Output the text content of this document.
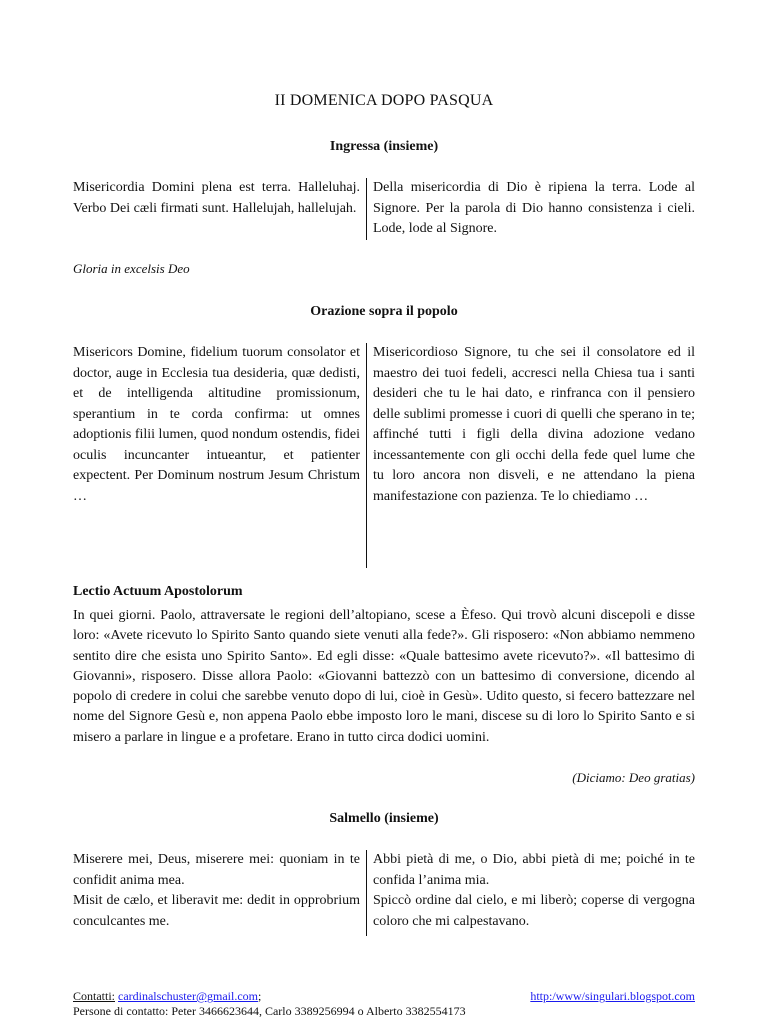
II DOMENICA DOPO PASQUA
Ingressa (insieme)
Misericordia Domini plena est terra. Halleluhaj. Verbo Dei cæli firmati sunt. Hallelujah, hallelujah.
Della misericordia di Dio è ripiena la terra. Lode al Signore. Per la parola di Dio hanno consistenza i cieli. Lode, lode al Signore.
Gloria in excelsis Deo
Orazione sopra il popolo
Misericors Domine, fidelium tuorum consolator et doctor, auge in Ecclesia tua desideria, quæ dedisti, et de intelligenda altitudine promissionum, sperantium in te corda confirma: ut omnes adoptionis filii lumen, quod nondum ostendis, fidei oculis incuncanter intueantur, et patienter expectent. Per Dominum nostrum Jesum Christum …
Misericordioso Signore, tu che sei il consolatore ed il maestro dei tuoi fedeli, accresci nella Chiesa tua i santi desideri che tu le hai dato, e rinfranca con il pensiero delle sublimi promesse i cuori di quelli che sperano in te; affinché tutti i figli della divina adozione vedano incessantemente con gli occhi della fede quel lume che tu loro ancora non disveli, e ne attendano la piena manifestazione con pazienza. Te lo chiediamo …
Lectio Actuum Apostolorum
In quei giorni. Paolo, attraversate le regioni dell’altopiano, scese a Èfeso. Qui trovò alcuni discepoli e disse loro: «Avete ricevuto lo Spirito Santo quando siete venuti alla fede?». Gli risposero: «Non abbiamo nemmeno sentito dire che esista uno Spirito Santo». Ed egli disse: «Quale battesimo avete ricevuto?». «Il battesimo di Giovanni», risposero. Disse allora Paolo: «Giovanni battezzò con un battesimo di conversione, dicendo al popolo di credere in colui che sarebbe venuto dopo di lui, cioè in Gesù». Udito questo, si fecero battezzare nel nome del Signore Gesù e, non appena Paolo ebbe imposto loro le mani, discese su di loro lo Spirito Santo e si misero a parlare in lingue e a profetare. Erano in tutto circa dodici uomini.
(Diciamo: Deo gratias)
Salmello (insieme)
Miserere mei, Deus, miserere mei: quoniam in te confidit anima mea.
Misit de cælo, et liberavit me: dedit in opprobrium conculcantes me.
Abbi pietà di me, o Dio, abbi pietà di me; poiché in te confida l’anima mia.
Spiccò ordine dal cielo, e mi liberò; coperse di vergogna coloro che mi calpestavano.
Contatti: cardinalschuster@gmail.com;	http:/www/singulari.blogspot.com
Persone di contatto: Peter 3466623644, Carlo 3389256994 o Alberto 3382554173
